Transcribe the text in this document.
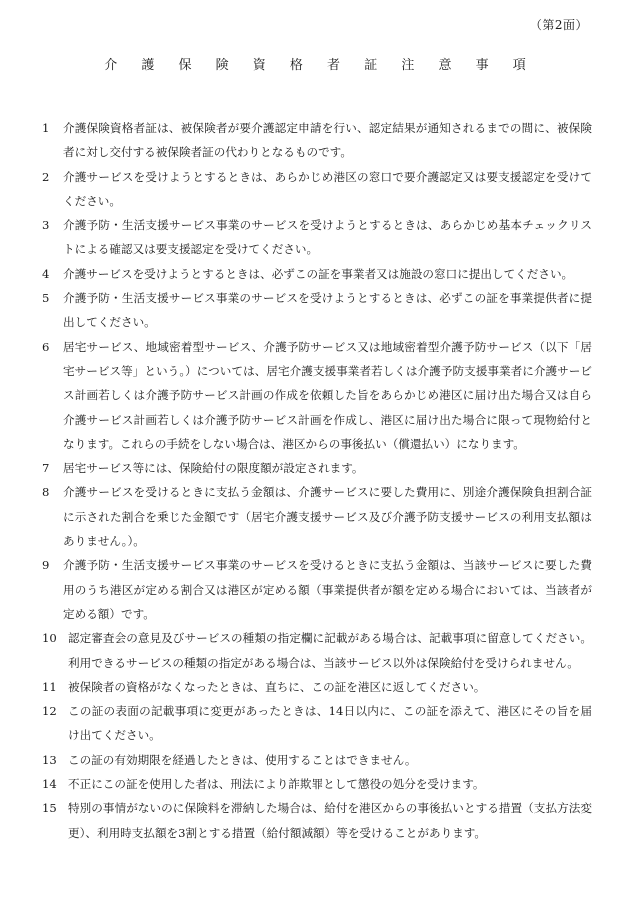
（第2面）
介 護 保 険 資 格 者 証 注 意 事 項
1	介護保険資格者証は、被保険者が要介護認定申請を行い、認定結果が通知されるまでの間に、被保険者に対し交付する被保険者証の代わりとなるものです。
2	介護サービスを受けようとするときは、あらかじめ港区の窓口で要介護認定又は要支援認定を受けてください。
3	介護予防・生活支援サービス事業のサービスを受けようとするときは、あらかじめ基本チェックリストによる確認又は要支援認定を受けてください。
4	介護サービスを受けようとするときは、必ずこの証を事業者又は施設の窓口に提出してください。
5	介護予防・生活支援サービス事業のサービスを受けようとするときは、必ずこの証を事業提供者に提出してください。
6	居宅サービス、地域密着型サービス、介護予防サービス又は地域密着型介護予防サービス（以下「居宅サービス等」という。）については、居宅介護支援事業者若しくは介護予防支援事業者に介護サービス計画若しくは介護予防サービス計画の作成を依頼した旨をあらかじめ港区に届け出た場合又は自ら介護サービス計画若しくは介護予防サービス計画を作成し、港区に届け出た場合に限って現物給付となります。これらの手続をしない場合は、港区からの事後払い（償還払い）になります。
7	居宅サービス等には、保険給付の限度額が設定されます。
8	介護サービスを受けるときに支払う金額は、介護サービスに要した費用に、別途介護保険負担割合証に示された割合を乗じた金額です（居宅介護支援サービス及び介護予防支援サービスの利用支払額はありません。）。
9	介護予防・生活支援サービス事業のサービスを受けるときに支払う金額は、当該サービスに要した費用のうち港区が定める割合又は港区が定める額（事業提供者が額を定める場合においては、当該者が定める額）です。
10 認定審査会の意見及びサービスの種類の指定欄に記載がある場合は、記載事項に留意してください。利用できるサービスの種類の指定がある場合は、当該サービス以外は保険給付を受けられません。
11 被保険者の資格がなくなったときは、直ちに、この証を港区に返してください。
12 この証の表面の記載事項に変更があったときは、14日以内に、この証を添えて、港区にその旨を届け出てください。
13 この証の有効期限を経過したときは、使用することはできません。
14 不正にこの証を使用した者は、刑法により詐欺罪として懲役の処分を受けます。
15 特別の事情がないのに保険料を滞納した場合は、給付を港区からの事後払いとする措置（支払方法変更）、利用時支払額を3割とする措置（給付額減額）等を受けることがあります。
